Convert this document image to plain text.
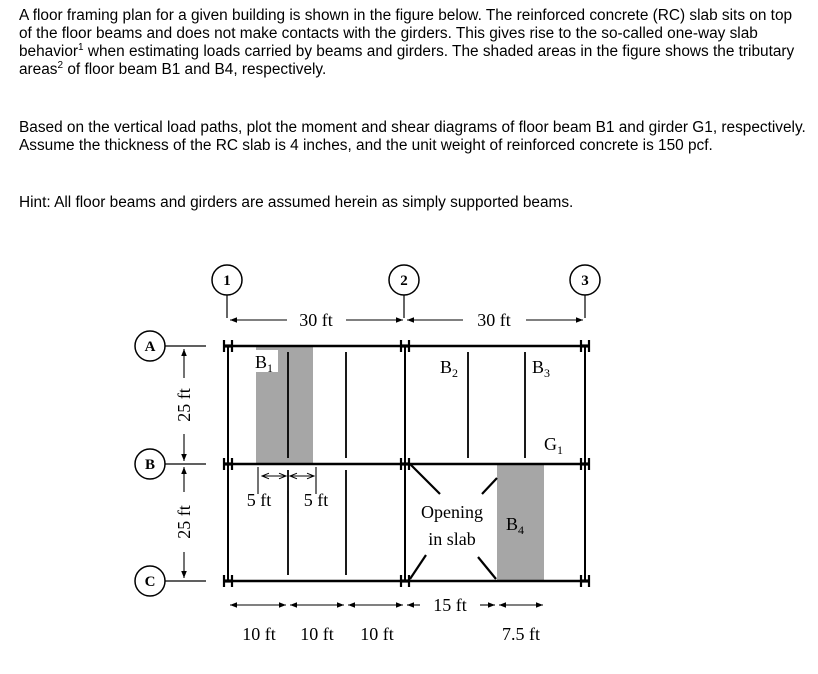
A floor framing plan for a given building is shown in the figure below. The reinforced concrete (RC) slab sits on top of the floor beams and does not make contacts with the girders. This gives rise to the so-called one-way slab behavior$^1$ when estimating loads carried by beams and girders. The shaded areas in the figure shows the tributary areas$^2$ of floor beam B1 and B4, respectively.

Based on the vertical load paths, plot the moment and shear diagrams of floor beam B1 and girder G1, respectively. Assume the thickness of the RC slab is 4 inches, and the unit weight of reinforced concrete is 150 pcf.

Hint: All floor beams and girders are assumed herein as simply supported beams.

1	2	3
A
B
C
30 ft	30 ft
25 ft
25 ft
5 ft 5 ft
10 ft 10 ft 10 ft
15 ft
7.5 ft
$B_1$	$B_2$	$B_3$
$G_1$
$B_4$
Opening
in slab
